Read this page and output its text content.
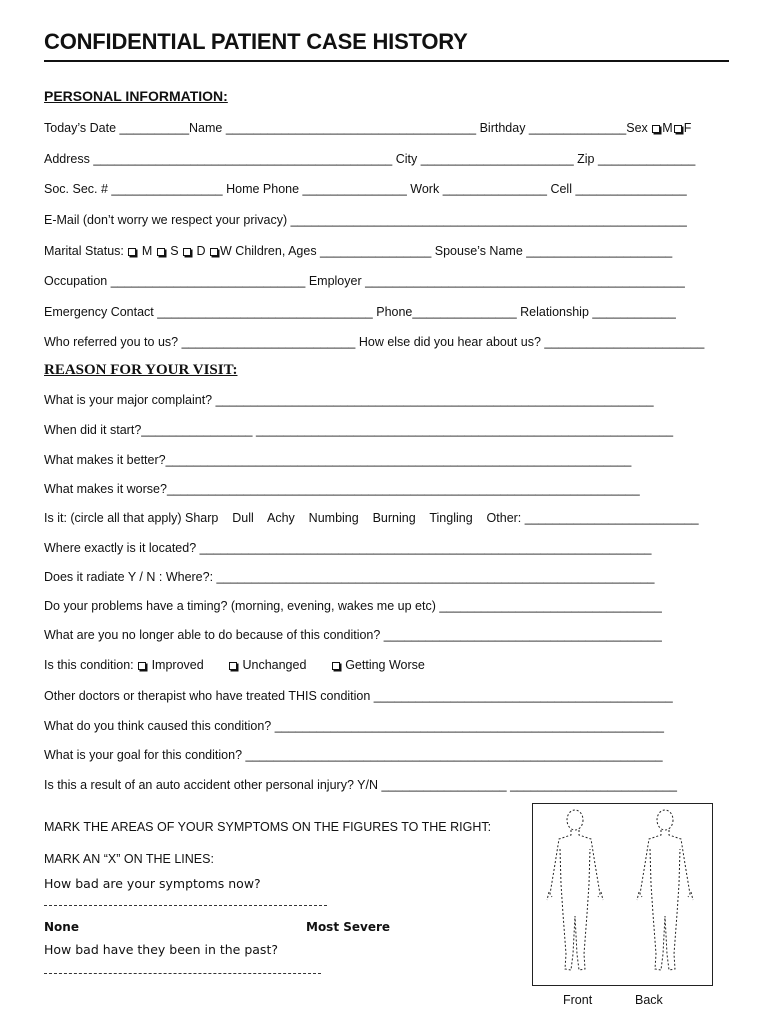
CONFIDENTIAL PATIENT CASE HISTORY
PERSONAL INFORMATION:
Today’s Date __________Name ____________________________________ Birthday ______________Sex M F
Address ___________________________________________ City ______________________ Zip ______________
Soc. Sec. # ________________ Home Phone _______________ Work _______________ Cell ________________
E-Mail (don’t worry we respect your privacy) _________________________________________________________
Marital Status:  M  S  D W Children, Ages ________________ Spouse’s Name _____________________
Occupation ____________________________ Employer ______________________________________________
Emergency Contact _______________________________ Phone_______________ Relationship ____________
Who referred you to us? _________________________ How else did you hear about us? _______________________
REASON FOR YOUR VISIT:
What is your major complaint? _______________________________________________________________
When did it start?________________ ____________________________________________________________
What makes it better?___________________________________________________________________
What makes it worse?____________________________________________________________________
Is it: (circle all that apply) Sharp    Dull    Achy    Numbing    Burning    Tingling    Other: _________________________
Where exactly is it located? _________________________________________________________________
Does it radiate Y / N : Where?: _______________________________________________________________
Do your problems have a timing? (morning, evening, wakes me up etc) ________________________________
What are you no longer able to do because of this condition? ________________________________________
Is this condition:  Improved        Unchanged        Getting Worse
Other doctors or therapist who have treated THIS condition ___________________________________________
What do you think caused this condition? ________________________________________________________
What is your goal for this condition? ____________________________________________________________
Is this a result of an auto accident other personal injury? Y/N __________________ ________________________
MARK THE AREAS OF YOUR SYMPTOMS ON THE FIGURES TO THE RIGHT:
MARK AN “X” ON THE LINES:
How bad are your symptoms now?
None	Most Severe
How bad have they been in the past?
Front	Back
